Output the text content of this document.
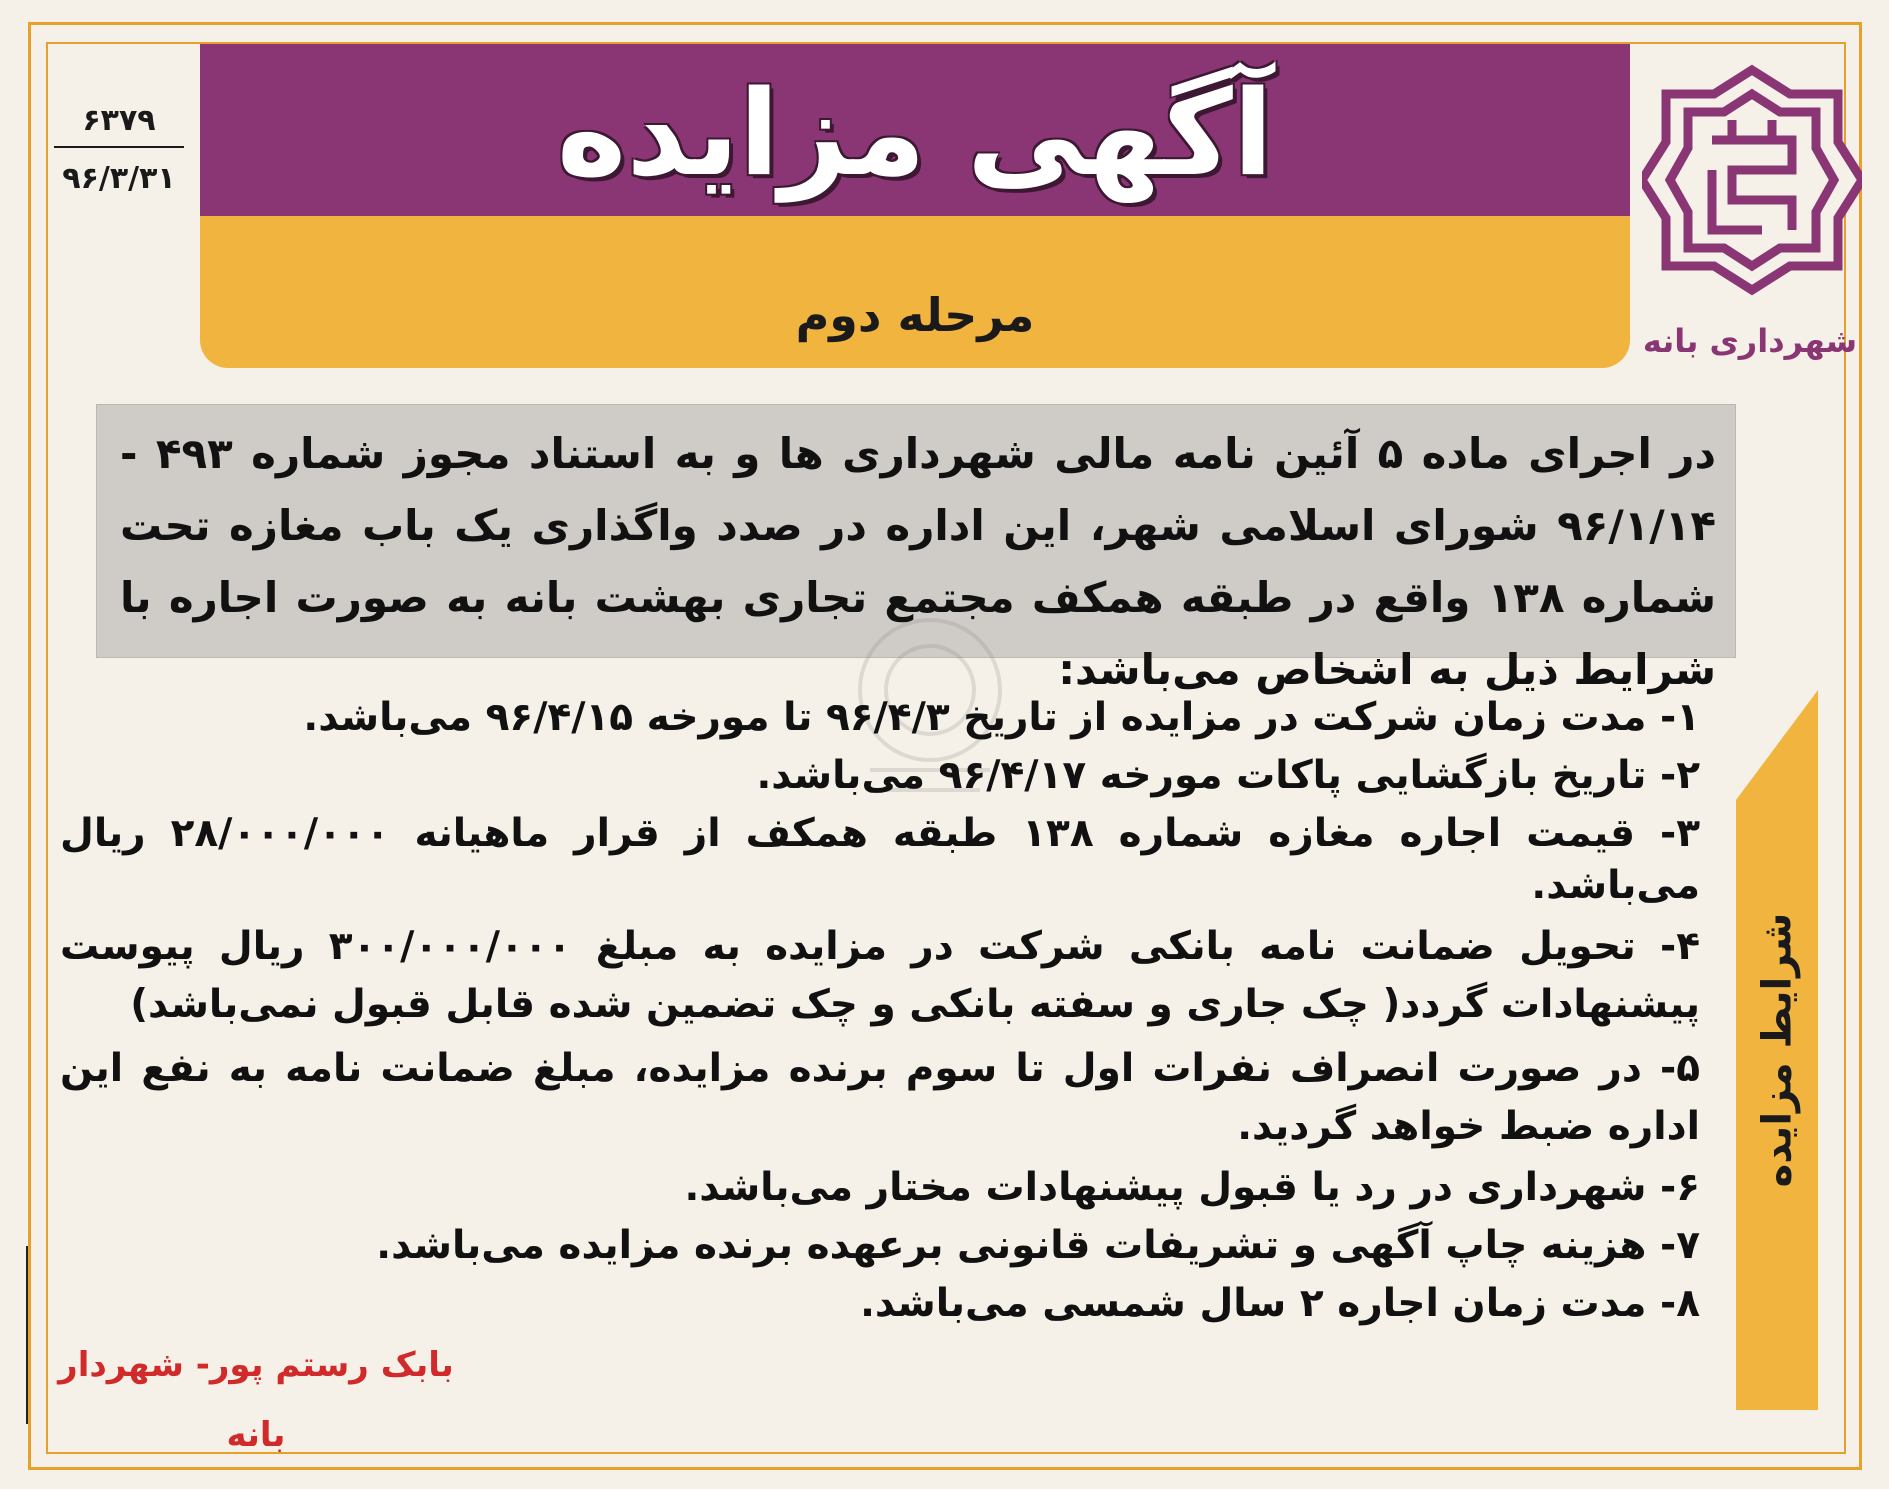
آگهی مزایده
مرحله دوم
۶۳۷۹
۹۶/۳/۳۱
شهرداری بانه
در اجرای ماده ۵ آئین نامه مالی شهرداری ها و به استناد مجوز شماره ۴۹۳ - ۹۶/۱/۱۴ شورای اسلامی شهر، این اداره در صدد واگذاری یک باب مغازه تحت شماره ۱۳۸ واقع در طبقه همکف مجتمع تجاری بهشت بانه به صورت اجاره با شرایط ذیل به اشخاص می‌باشد:

۱- مدت زمان شرکت در مزایده از تاریخ ۹۶/۴/۳ تا مورخه ۹۶/۴/۱۵ می‌باشد.

۲- تاریخ بازگشایی پاکات مورخه ۹۶/۴/۱۷ می‌باشد.

۳- قیمت اجاره مغازه شماره ۱۳۸ طبقه همکف از قرار ماهیانه ۲۸/۰۰۰/۰۰۰ ریال می‌باشد.

۴- تحویل ضمانت نامه بانکی شرکت در مزایده به مبلغ ۳۰۰/۰۰۰/۰۰۰ ریال پیوست پیشنهادات گردد( چک جاری و سفته بانکی و چک تضمین شده قابل قبول نمی‌باشد)

۵- در صورت انصراف نفرات اول تا سوم برنده مزایده، مبلغ ضمانت نامه به نفع این اداره ضبط خواهد گردید.

۶- شهرداری در رد یا قبول پیشنهادات مختار می‌باشد.

۷- هزینه چاپ آگهی و تشریفات قانونی برعهده برنده مزایده می‌باشد.

۸- مدت زمان اجاره ۲ سال شمسی می‌باشد.

شرایط مزایده
بابک رستم پور- شهردار بانه
